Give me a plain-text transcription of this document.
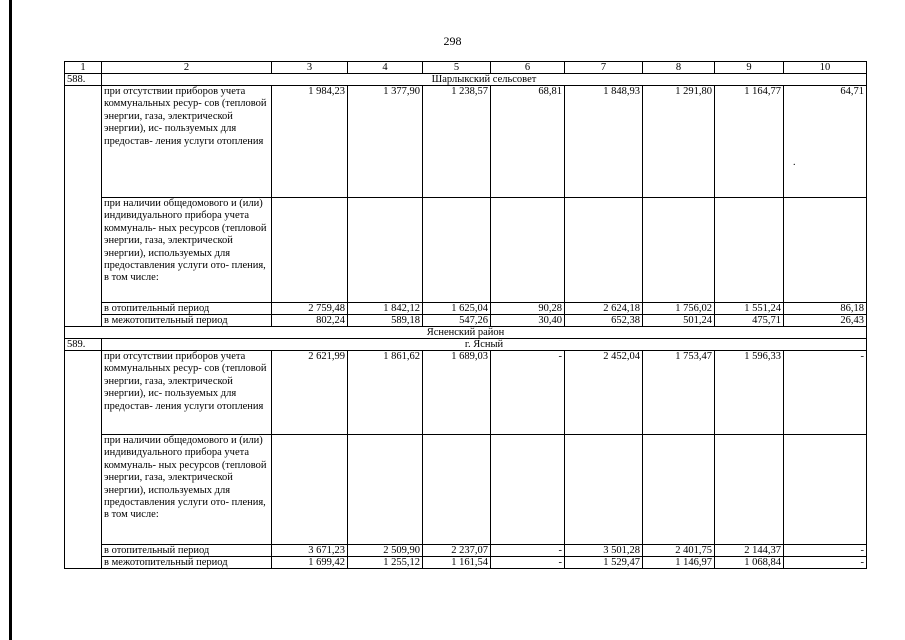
298
.
1	2	3	4	5	6	7	8	9	10
588.	Шарлыкский сельсовет								
	при отсутствии приборов учета коммунальных ресур- сов (тепловой энергии, газа, электрической энергии), ис- пользуемых для предостав- ления услуги отопления	1 984,23	1 377,90	1 238,57	68,81	1 848,93	1 291,80	1 164,77	64,71
	при наличии общедомового и (или) индивидуального прибора учета коммуналь- ных ресурсов (тепловой энергии, газа, электрической энергии), используемых для предоставления услуги ото- пления, в том числе:								
	в отопительный период	2 759,48	1 842,12	1 625,04	90,28	2 624,18	1 756,02	1 551,24	86,18
	в межотопительный период	802,24	589,18	547,26	30,40	652,38	501,24	475,71	26,43
Ясненский район									
589.	г. Ясный								
	при отсутствии приборов учета коммунальных ресур- сов (тепловой энергии, газа, электрической энергии), ис- пользуемых для предостав- ления услуги отопления	2 621,99	1 861,62	1 689,03	-	2 452,04	1 753,47	1 596,33	-
	при наличии общедомового и (или) индивидуального прибора учета коммуналь- ных ресурсов (тепловой энергии, газа, электрической энергии), используемых для предоставления услуги ото- пления, в том числе:								
	в отопительный период	3 671,23	2 509,90	2 237,07	-	3 501,28	2 401,75	2 144,37	-
	в межотопительный период	1 699,42	1 255,12	1 161,54	-	1 529,47	1 146,97	1 068,84	-
